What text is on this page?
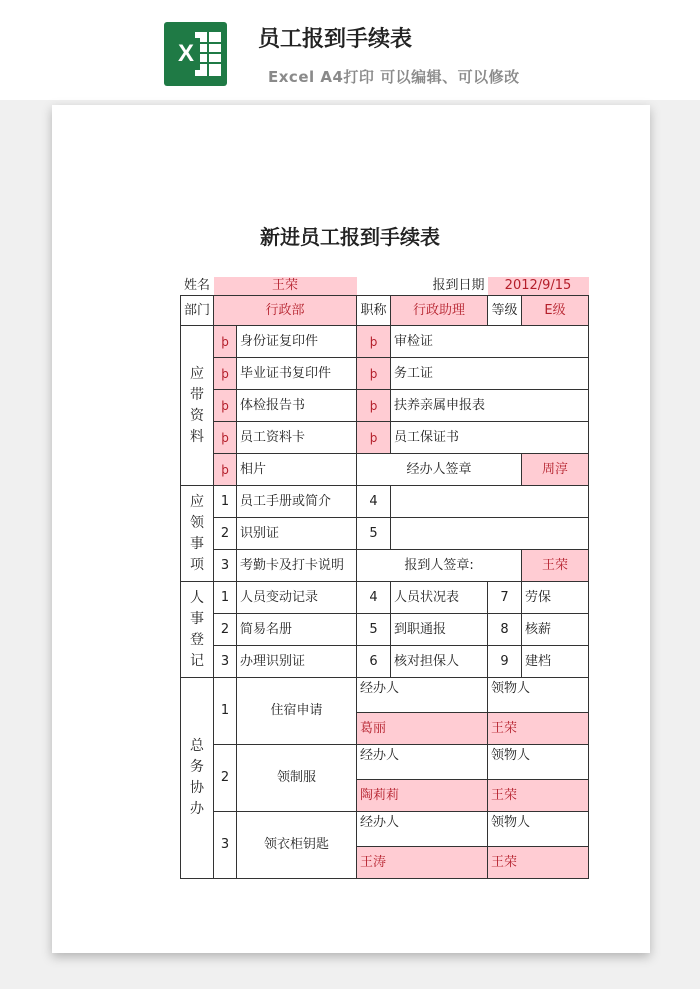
X
员工报到手续表
Excel A4打印 可以编辑、可以修改
新进员工报到手续表
姓名	王荣		报到日期		2012/9/15	
部门	行政部		职称	行政助理	等级	E级
应
带
资
料	þ	身份证复印件	þ	审检证		
	þ	毕业证书复印件	þ	务工证		
	þ	体检报告书	þ	扶养亲属申报表		
	þ	员工资料卡	þ	员工保证书		
	þ	相片	经办人签章			周淳
应
领
事
项	1	员工手册或简介	4			
	2	识别证	5			
	3	考勤卡及打卡说明	报到人签章:			王荣
人
事
登
记	1	人员变动记录	4	人员状况表	7	劳保
	2	简易名册	5	到职通报	8	核薪
	3	办理识别证	6	核对担保人	9	建档
总
务
协
办	1	住宿申请	经办人		领物人	
			葛丽		王荣	
	2	领制服	经办人		领物人	
			陶莉莉		王荣	
	3	领衣柜钥匙	经办人		领物人	
			王涛		王荣	
